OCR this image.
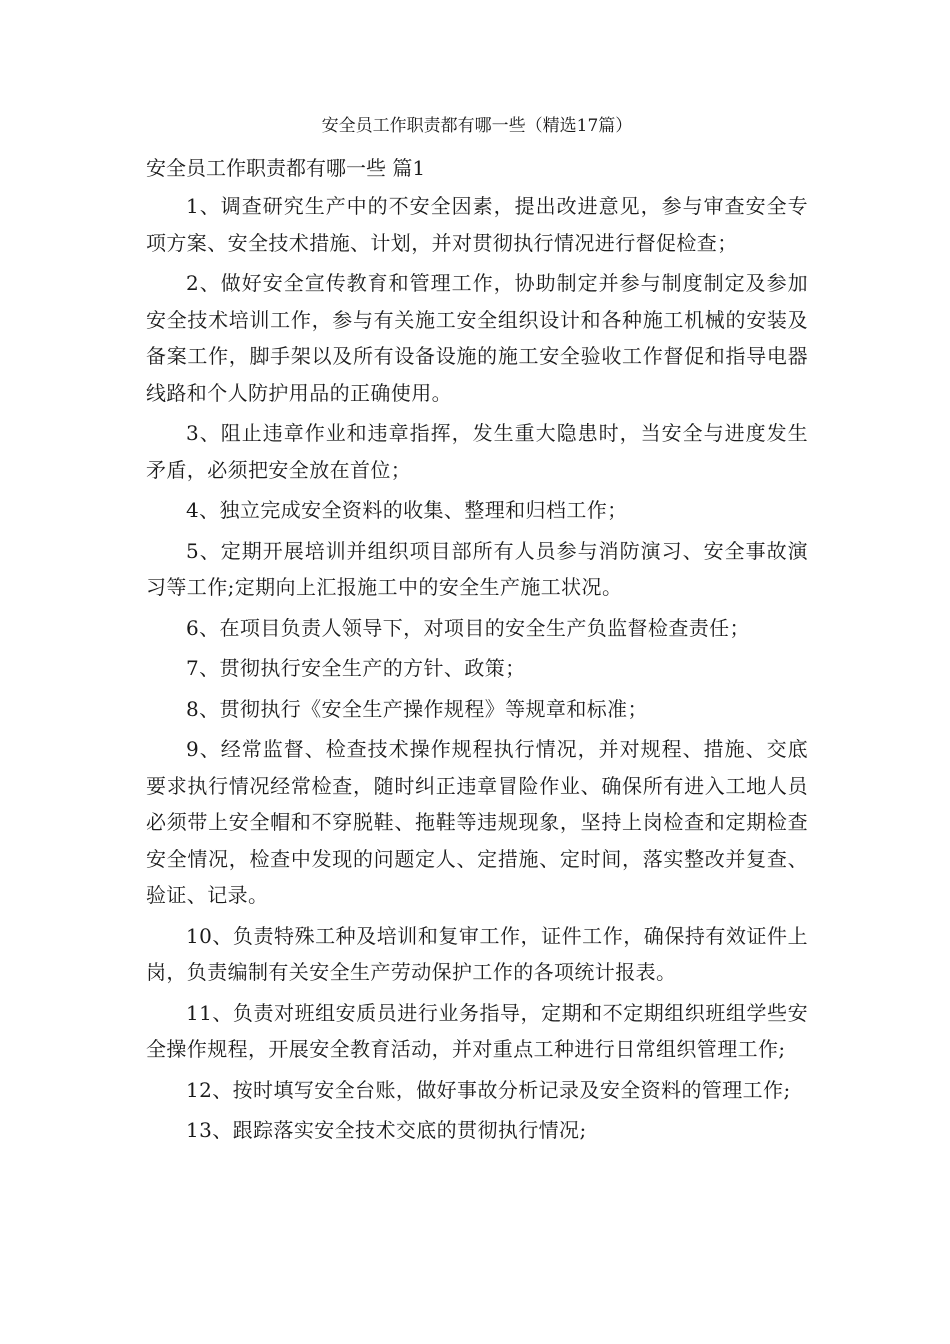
安全员工作职责都有哪一些（精选17篇）
安全员工作职责都有哪一些 篇1

1、调查研究生产中的不安全因素，提出改进意见，参与审查安全专项方案、安全技术措施、计划，并对贯彻执行情况进行督促检查；

2、做好安全宣传教育和管理工作，协助制定并参与制度制定及参加安全技术培训工作，参与有关施工安全组织设计和各种施工机械的安装及备案工作，脚手架以及所有设备设施的施工安全验收工作督促和指导电器线路和个人防护用品的正确使用。

3、阻止违章作业和违章指挥，发生重大隐患时，当安全与进度发生矛盾，必须把安全放在首位；

4、独立完成安全资料的收集、整理和归档工作；

5、定期开展培训并组织项目部所有人员参与消防演习、安全事故演习等工作;定期向上汇报施工中的安全生产施工状况。

6、在项目负责人领导下，对项目的安全生产负监督检查责任；

7、贯彻执行安全生产的方针、政策；

8、贯彻执行《安全生产操作规程》等规章和标准；

9、经常监督、检查技术操作规程执行情况，并对规程、措施、交底要求执行情况经常检查，随时纠正违章冒险作业、确保所有进入工地人员必须带上安全帽和不穿脱鞋、拖鞋等违规现象，坚持上岗检查和定期检查安全情况，检查中发现的问题定人、定措施、定时间，落实整改并复查、验证、记录。

10、负责特殊工种及培训和复审工作，证件工作，确保持有效证件上岗，负责编制有关安全生产劳动保护工作的各项统计报表。

11、负责对班组安质员进行业务指导，定期和不定期组织班组学些安全操作规程，开展安全教育活动，并对重点工种进行日常组织管理工作;

12、按时填写安全台账，做好事故分析记录及安全资料的管理工作;

13、跟踪落实安全技术交底的贯彻执行情况;
